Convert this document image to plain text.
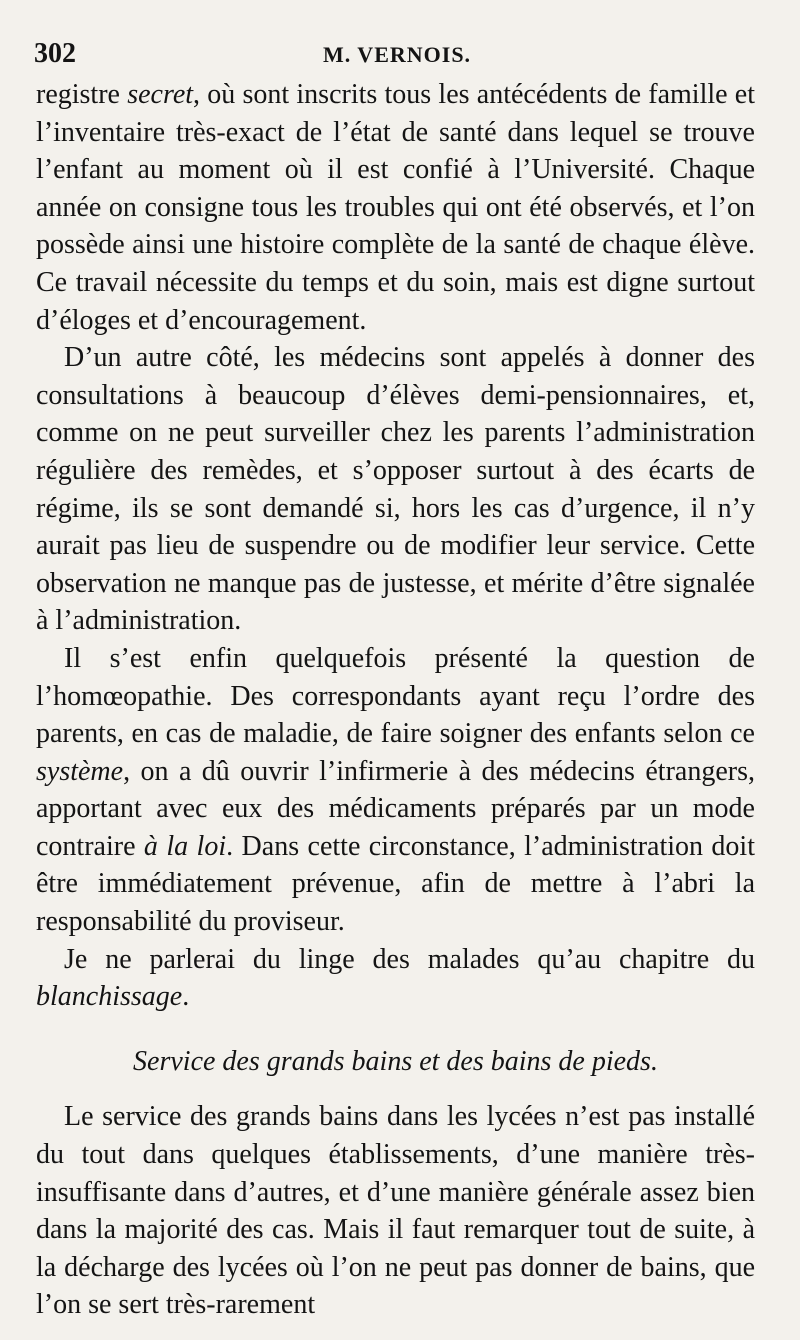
302	M. VERNOIS.

registre secret, où sont inscrits tous les antécédents de famille et l’inventaire très-exact de l’état de santé dans lequel se trouve l’enfant au moment où il est confié à l’Université. Chaque année on consigne tous les troubles qui ont été observés, et l’on possède ainsi une histoire complète de la santé de chaque élève. Ce travail nécessite du temps et du soin, mais est digne surtout d’éloges et d’encouragement.

D’un autre côté, les médecins sont appelés à donner des consultations à beaucoup d’élèves demi-pensionnaires, et, comme on ne peut surveiller chez les parents l’administration régulière des remèdes, et s’opposer surtout à des écarts de régime, ils se sont demandé si, hors les cas d’urgence, il n’y aurait pas lieu de suspendre ou de modifier leur service. Cette observation ne manque pas de justesse, et mérite d’être signalée à l’administration.

Il s’est enfin quelquefois présenté la question de l’homœopathie. Des correspondants ayant reçu l’ordre des parents, en cas de maladie, de faire soigner des enfants selon ce système, on a dû ouvrir l’infirmerie à des médecins étrangers, apportant avec eux des médicaments préparés par un mode contraire à la loi. Dans cette circonstance, l’administration doit être immédiatement prévenue, afin de mettre à l’abri la responsabilité du proviseur.

Je ne parlerai du linge des malades qu’au chapitre du blanchissage.

Service des grands bains et des bains de pieds.

Le service des grands bains dans les lycées n’est pas installé du tout dans quelques établissements, d’une manière très-insuffisante dans d’autres, et d’une manière générale assez bien dans la majorité des cas. Mais il faut remarquer tout de suite, à la décharge des lycées où l’on ne peut pas donner de bains, que l’on se sert très-rarement
